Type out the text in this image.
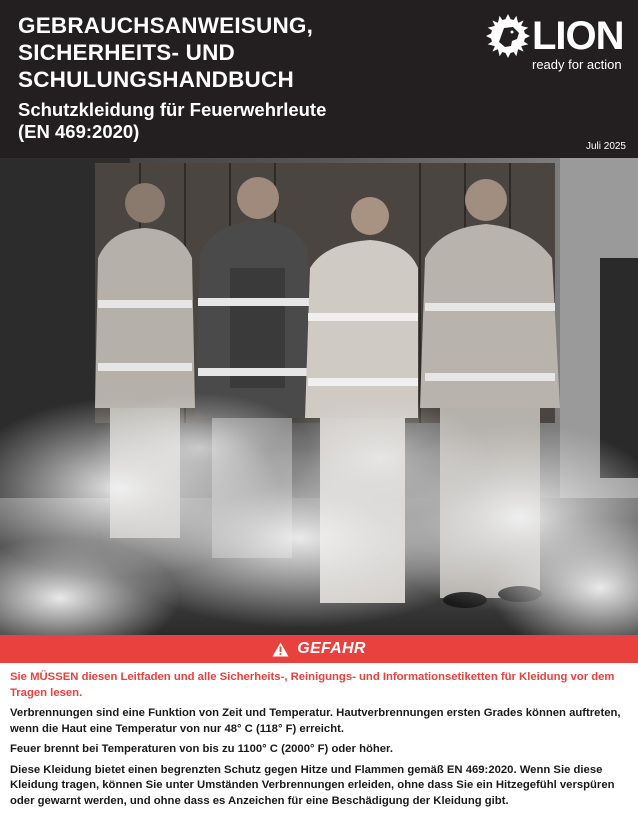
GEBRAUCHSANWEISUNG,
SICHERHEITS- UND
SCHULUNGSHANDBUCH
Schutzkleidung für Feuerwehrleute
(EN 469:2020)
Juli 2025
LION
ready for action
GEFAHR

Sie MÜSSEN diesen Leitfaden und alle Sicherheits-, Reinigungs- und Informationsetiketten für Kleidung vor dem Tragen lesen.

Verbrennungen sind eine Funktion von Zeit und Temperatur. Hautverbrennungen ersten Grades können auftreten, wenn die Haut eine Temperatur von nur 48° C (118° F) erreicht.

Feuer brennt bei Temperaturen von bis zu 1100° C (2000° F) oder höher.

Diese Kleidung bietet einen begrenzten Schutz gegen Hitze und Flammen gemäß EN 469:2020. Wenn Sie diese Kleidung tragen, können Sie unter Umständen Verbrennungen erleiden, ohne dass Sie ein Hitzegefühl verspüren oder gewarnt werden, und ohne dass es Anzeichen für eine Beschädigung der Kleidung gibt.
